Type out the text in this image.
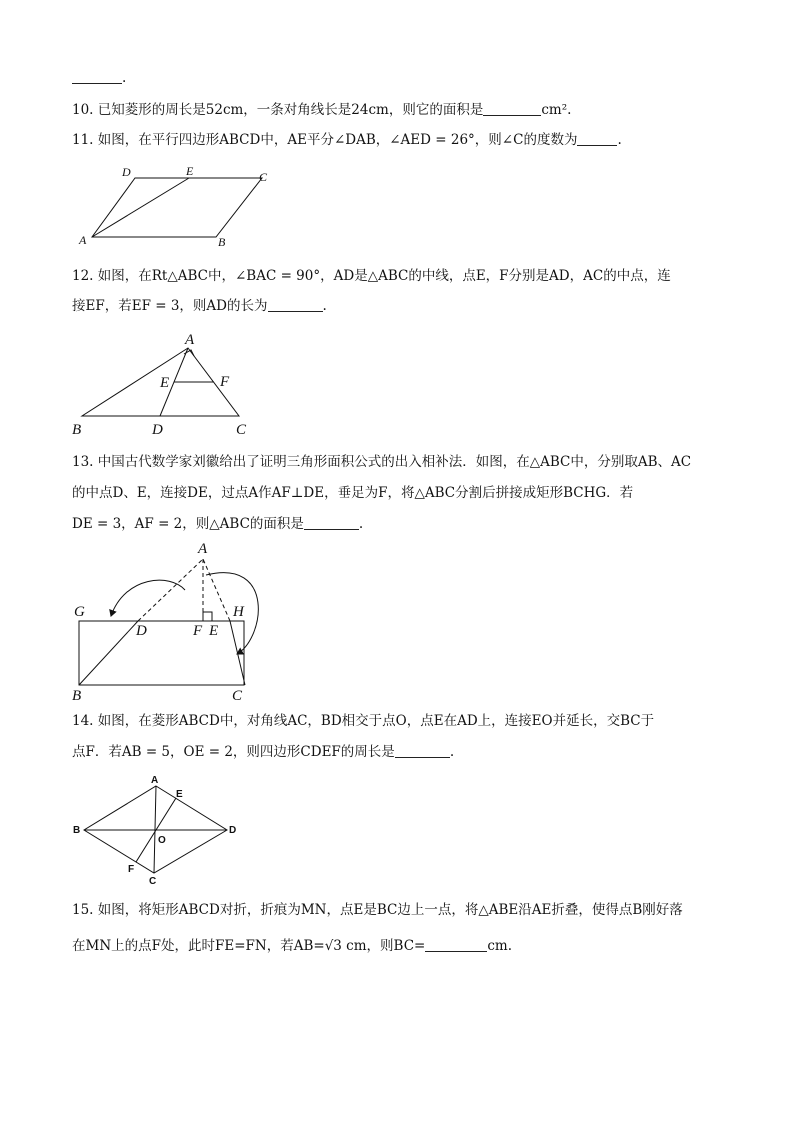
.
10. 已知菱形的周长是52cm，一条对角线长是24cm，则它的面积是	cm².
11. 如图，在平行四边形ABCD中，AE平分∠DAB，∠AED = 26°，则∠C的度数为	.
D	E	C
A	B
12. 如图，在Rt△ABC中，∠BAC = 90°，AD是△ABC的中线，点E，F分别是AD，AC的中点，连
接EF，若EF = 3，则AD的长为	.
A
E	F
B	D	C
13. 中国古代数学家刘徽给出了证明三角形面积公式的出入相补法．如图，在△ABC中，分别取AB、AC
的中点D、E，连接DE，过点A作AF⊥DE，垂足为F，将△ABC分割后拼接成矩形BCHG．若
DE = 3，AF = 2，则△ABC的面积是	.
A
G	H
D	F E
B	C
14. 如图，在菱形ABCD中，对角线AC，BD相交于点O，点E在AD上，连接EO并延长，交BC于
点F．若AB = 5，OE = 2，则四边形CDEF的周长是	.
A
E
B	D
O
F
C
15. 如图，将矩形ABCD对折，折痕为MN，点E是BC边上一点，将△ABE沿AE折叠，使得点B刚好落
在MN上的点F处，此时FE=FN，若AB=√3 cm，则BC=	cm.
